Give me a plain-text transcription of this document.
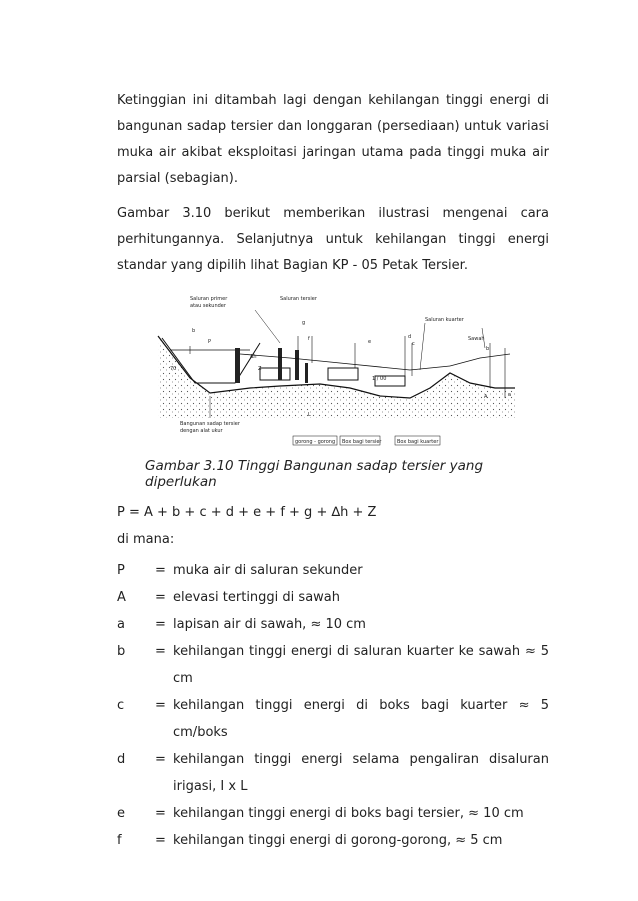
Ketinggian ini ditambah lagi dengan kehilangan tinggi energi di bangunan sadap tersier dan longgaran (persediaan) untuk variasi muka air akibat eksploitasi jaringan utama pada tinggi muka air parsial (sebagian).
Gambar 3.10 berikut memberikan ilustrasi mengenai cara perhitungannya. Selanjutnya untuk kehilangan tinggi energi standar yang dipilih lihat Bagian KP - 05 Petak Tersier.
Saluran primer
atau sekunder
Saluran tersier
Saluran kuarter
Sawah
Bangunan sadap tersier
dengan alat ukur
gorong - gorong Box bagi tersier	Box bagi kuarter
1 / 00
P
A	a
b
b
g
f	e
d
c
Δh
Z
70
L
Gambar 3.10 Tinggi Bangunan sadap tersier yang diperlukan
P = A + b + c + d + e + f + g + ∆h + Z
di mana:
P	= muka air di saluran sekunder
A	= elevasi tertinggi di sawah
a	= lapisan air di sawah, ≈ 10 cm
b	= kehilangan tinggi energi di saluran kuarter ke sawah ≈ 5
cm
c	= kehilangan tinggi energi di boks bagi kuarter ≈ 5 cm/boks
d	= kehilangan tinggi energi selama pengaliran disaluran
irigasi, I x L
e	= kehilangan tinggi energi di boks bagi tersier, ≈ 10 cm
f	= kehilangan tinggi energi di gorong-gorong, ≈ 5 cm
